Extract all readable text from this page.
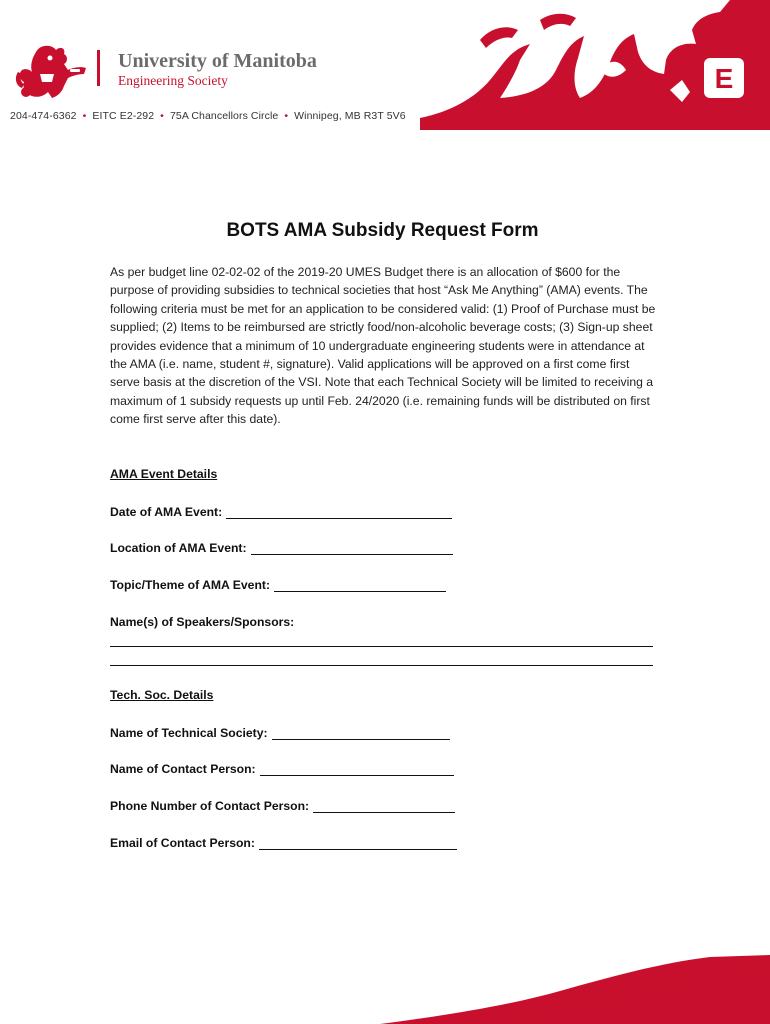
University of Manitoba
Engineering Society
204-474-6362 • EITC E2-292 • 75A Chancellors Circle • Winnipeg, MB R3T 5V6
E
BOTS AMA Subsidy Request Form
As per budget line 02-02-02 of the 2019-20 UMES Budget there is an allocation of $600 for the purpose of providing subsidies to technical societies that host “Ask Me Anything” (AMA) events. The following criteria must be met for an application to be considered valid: (1) Proof of Purchase must be supplied; (2) Items to be reimbursed are strictly food/non-alcoholic beverage costs; (3) Sign-up sheet provides evidence that a minimum of 10 undergraduate engineering students were in attendance at the AMA (i.e. name, student #, signature). Valid applications will be approved on a first come first serve basis at the discretion of the VSI. Note that each Technical Society will be limited to receiving a maximum of 1 subsidy requests up until Feb. 24/2020 (i.e. remaining funds will be distributed on first come first serve after this date).
AMA Event Details
Date of AMA Event:
Location of AMA Event:
Topic/Theme of AMA Event:
Name(s) of Speakers/Sponsors:
Tech. Soc. Details
Name of Technical Society:
Name of Contact Person:
Phone Number of Contact Person:
Email of Contact Person:
